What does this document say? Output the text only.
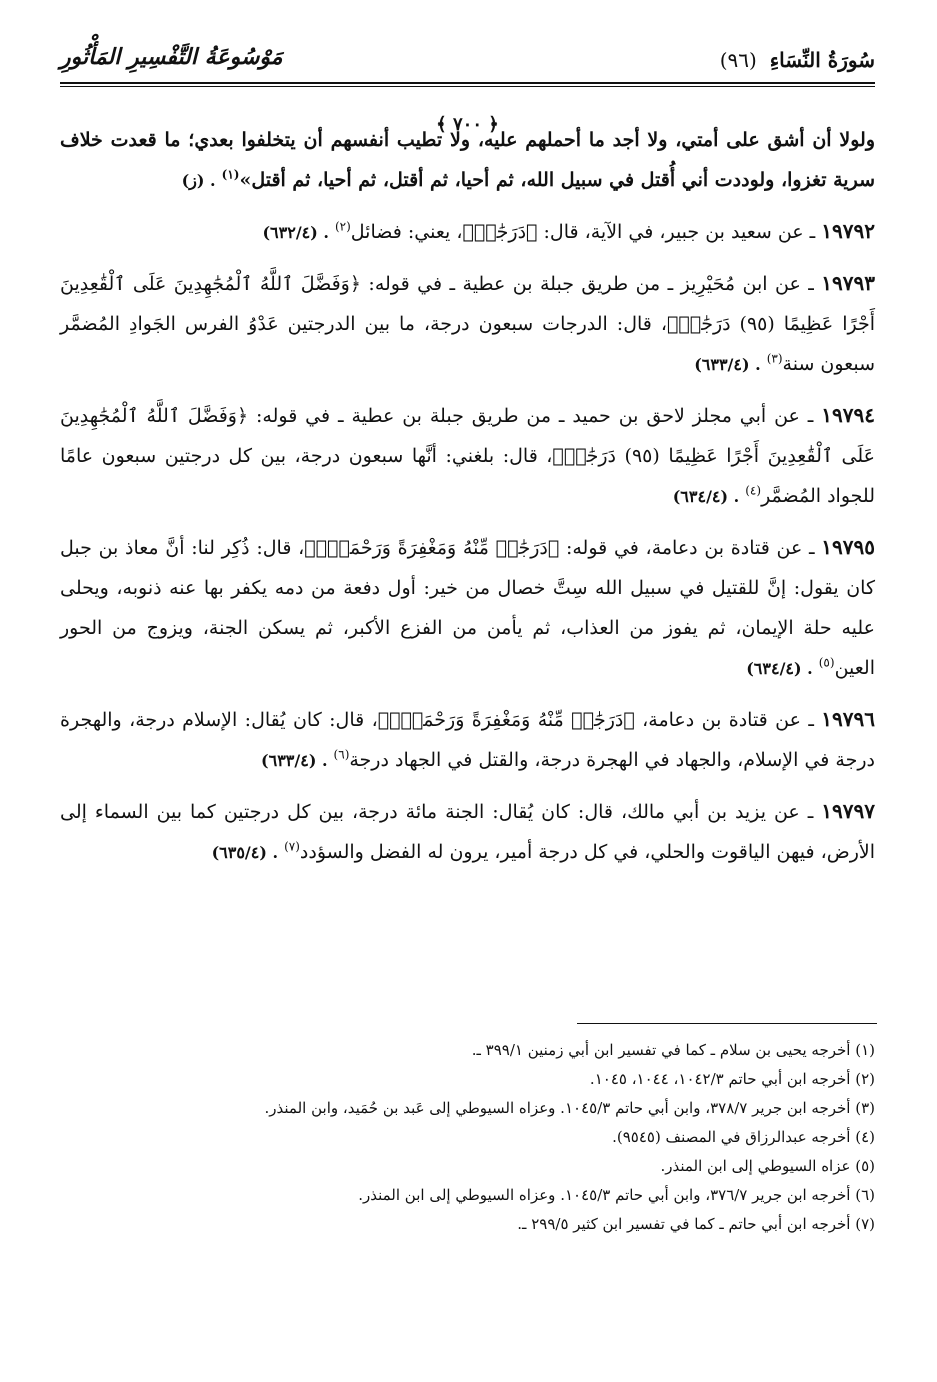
سُورَةُ النِّسَاءِ (٩٦)
مَوْسُوعَةُ التَّفْسِيرِ المَأْثُورِ
﴿ ٧٠٠ ﴾

ولولا أن أشق على أمتي، ولا أجد ما أحملهم عليه، ولا تطيب أنفسهم أن يتخلفوا بعدي؛ ما قعدت خلاف سرية تغزوا، ولوددت أني أُقتل في سبيل الله، ثم أحيا، ثم أقتل، ثم أحيا، ثم أقتل»$^{(١)}$. (ز)

١٩٧٩٢ ـ عن سعيد بن جبير، في الآية، قال: ﴿دَرَجَٰتٖ﴾، يعني: فضائل$^{(٢)}$. (٦٣٢/٤)

١٩٧٩٣ ـ عن ابن مُحَيْرِيز ـ من طريق جبلة بن عطية ـ في قوله: ﴿وَفَضَّلَ ٱللَّهُ ٱلْمُجَٰهِدِينَ عَلَى ٱلْقَٰعِدِينَ أَجْرًا عَظِيمًا (٩٥) دَرَجَٰتٖ﴾، قال: الدرجات سبعون درجة، ما بين الدرجتين عَدْوُ الفرس الجَوادِ المُضمَّر سبعون سنة$^{(٣)}$. (٦٣٣/٤)

١٩٧٩٤ ـ عن أبي مجلز لاحق بن حميد ـ من طريق جبلة بن عطية ـ في قوله: ﴿وَفَضَّلَ ٱللَّهُ ٱلْمُجَٰهِدِينَ عَلَى ٱلْقَٰعِدِينَ أَجْرًا عَظِيمًا (٩٥) دَرَجَٰتٖ﴾، قال: بلغني: أنَّها سبعون درجة، بين كل درجتين سبعون عامًا للجواد المُضمَّر$^{(٤)}$. (٦٣٤/٤)

١٩٧٩٥ ـ عن قتادة بن دعامة، في قوله: ﴿دَرَجَٰتٖ مِّنْهُ وَمَغْفِرَةً وَرَحْمَةًۚ﴾، قال: ذُكِر لنا: أنَّ معاذ بن جبل كان يقول: إنَّ للقتيل في سبيل الله سِتَّ خصال من خير: أول دفعة من دمه يكفر بها عنه ذنوبه، ويحلى عليه حلة الإيمان، ثم يفوز من العذاب، ثم يأمن من الفزع الأكبر، ثم يسكن الجنة، ويزوج من الحور العين$^{(٥)}$. (٦٣٤/٤)

١٩٧٩٦ ـ عن قتادة بن دعامة، ﴿دَرَجَٰتٖ مِّنْهُ وَمَغْفِرَةً وَرَحْمَةًۚ﴾، قال: كان يُقال: الإسلام درجة، والهجرة درجة في الإسلام، والجهاد في الهجرة درجة، والقتل في الجهاد درجة$^{(٦)}$. (٦٣٣/٤)

١٩٧٩٧ ـ عن يزيد بن أبي مالك، قال: كان يُقال: الجنة مائة درجة، بين كل درجتين كما بين السماء إلى الأرض، فيهن الياقوت والحلي، في كل درجة أمير، يرون له الفضل والسؤدد$^{(٧)}$. (٦٣٥/٤)

(١) أخرجه يحيى بن سلام ـ كما في تفسير ابن أبي زمنين ٣٩٩/١ ـ.

(٢) أخرجه ابن أبي حاتم ١٠٤٢/٣، ١٠٤٤، ١٠٤٥.

(٣) أخرجه ابن جرير ٣٧٨/٧، وابن أبي حاتم ١٠٤٥/٣. وعزاه السيوطي إلى عَبد بن حُمَيد، وابن المنذر.

(٤) أخرجه عبدالرزاق في المصنف (٩٥٤٥).

(٥) عزاه السيوطي إلى ابن المنذر.

(٦) أخرجه ابن جرير ٣٧٦/٧، وابن أبي حاتم ١٠٤٥/٣. وعزاه السيوطي إلى ابن المنذر.

(٧) أخرجه ابن أبي حاتم ـ كما في تفسير ابن كثير ٢٩٩/٥ ـ.
